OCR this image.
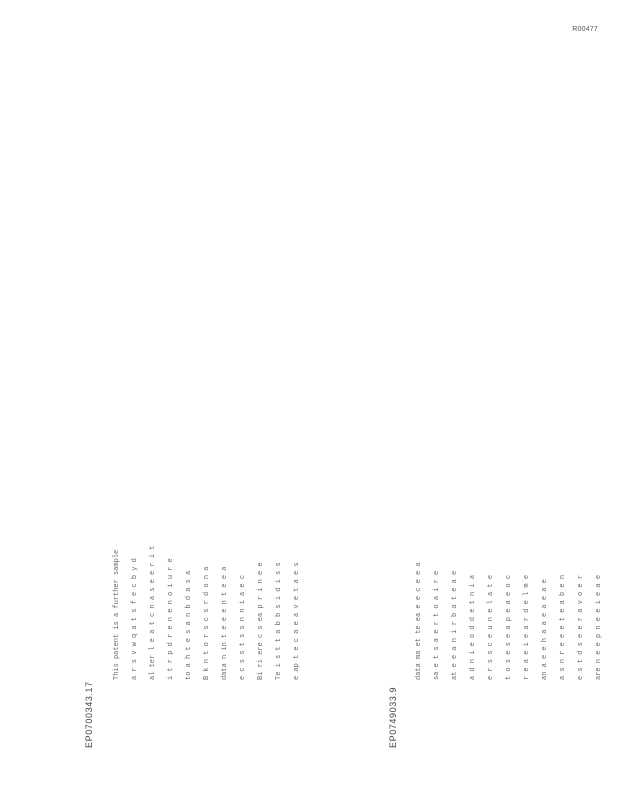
R00477
EP0700343.17	EP0749033.9
This patent is a further sample	a r s v w q a t s f e c b y d	al ter l e a t c n a s e e r i t	i t r p d r e n e n o i u r e	to a h t e s a n b d a s a	B k n t o r s c s r d o n a	data n in t e e e n t e e a	e c s s t s s n n i a e c	Bi ri ere c s ea p r i n e e	Te i s t t a b b s i d i s s	e ap t e c a e a v e t a e s	data ma et te ea e e c e e a	sa e t s a e r t o a i r e	at e e a n i r b a t e a e	a d n i e o d d e t n i a	e r s s c e u n e l a t e	t o s e s e a p e a e o c	r e a e i e a r d e l m e	an a e e h a a e a e a e	a s n r e e e t e a b e n	e s t d s e e r a v o e r	are n e e p n e e i e a e
